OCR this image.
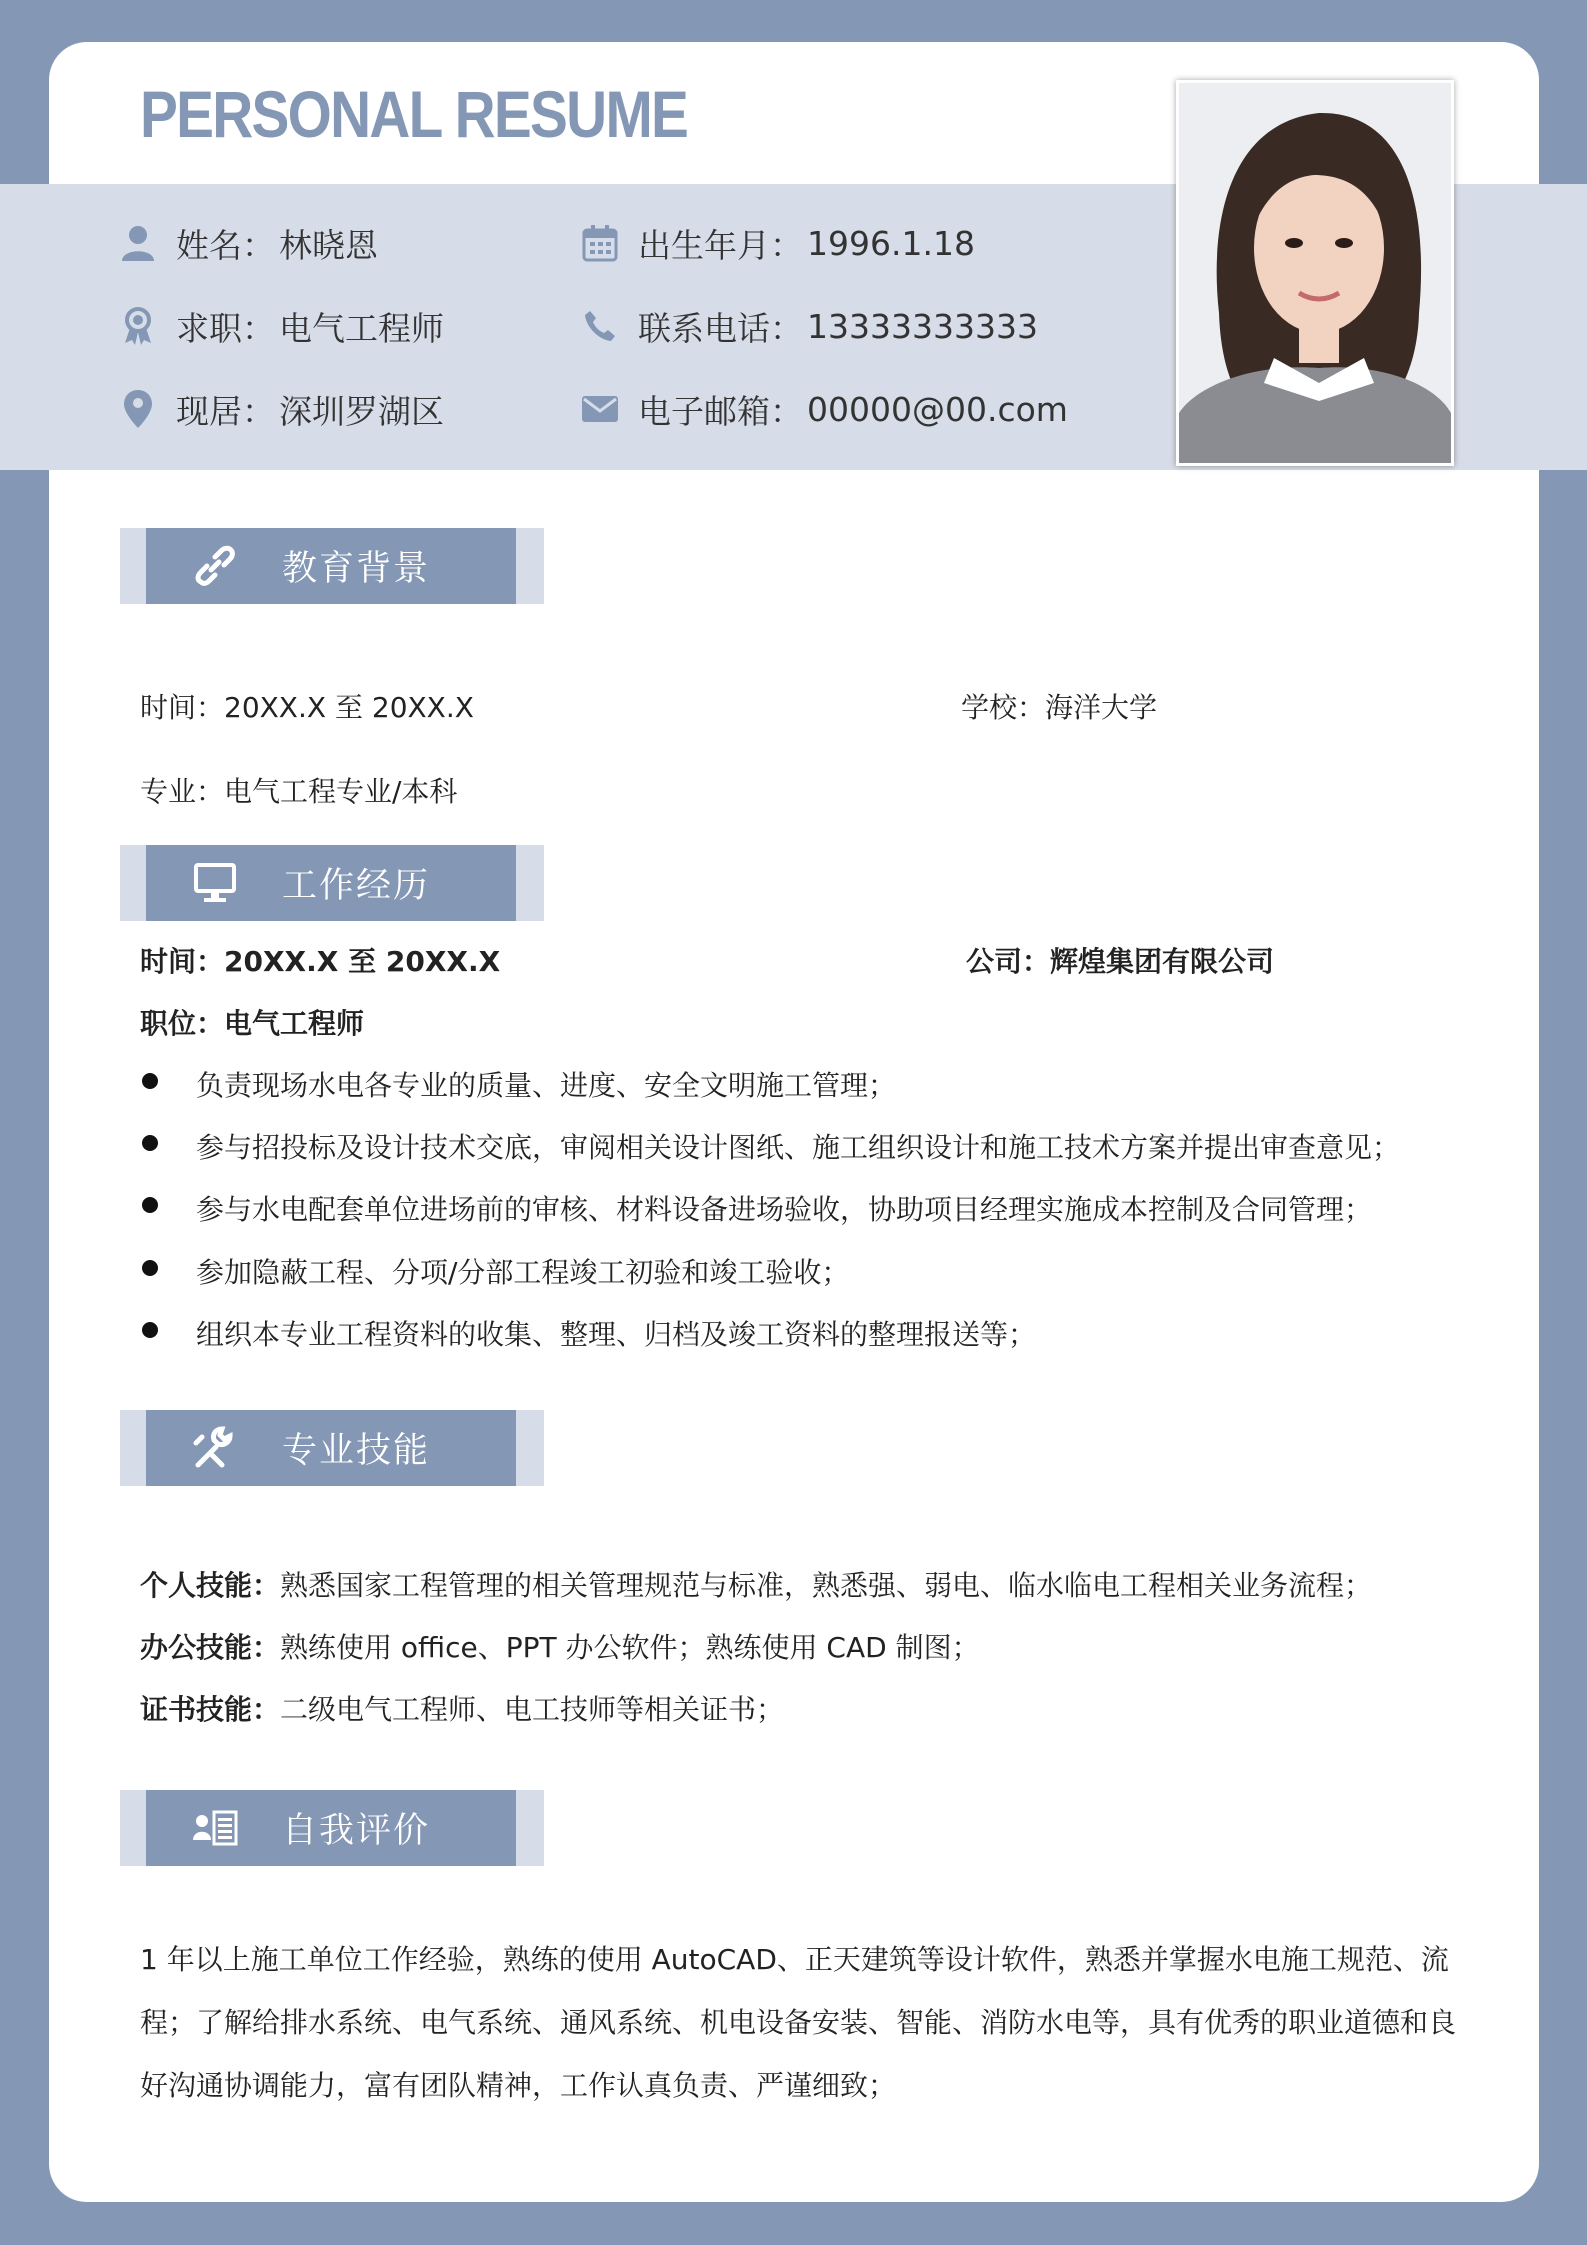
PERSONAL RESUME
姓名： 林晓恩
求职： 电气工程师
现居： 深圳罗湖区
出生年月： 1996.1.18
联系电话： 13333333333
电子邮箱： 00000@00.com
教育背景
时间：20XX.X 至 20XX.X	学校：海洋大学
专业：电气工程专业/本科
工作经历
时间：20XX.X 至 20XX.X	公司：辉煌集团有限公司
职位：电气工程师
负责现场水电各专业的质量、进度、安全文明施工管理；
参与招投标及设计技术交底，审阅相关设计图纸、施工组织设计和施工技术方案并提出审查意见；
参与水电配套单位进场前的审核、材料设备进场验收，协助项目经理实施成本控制及合同管理；
参加隐蔽工程、分项/分部工程竣工初验和竣工验收；
组织本专业工程资料的收集、整理、归档及竣工资料的整理报送等；
专业技能
个人技能：熟悉国家工程管理的相关管理规范与标准，熟悉强、弱电、临水临电工程相关业务流程；
办公技能：熟练使用 office、PPT 办公软件；熟练使用 CAD 制图；
证书技能：二级电气工程师、电工技师等相关证书；
自我评价
1 年以上施工单位工作经验，熟练的使用 AutoCAD、正天建筑等设计软件，熟悉并掌握水电施工规范、流程；了解给排水系统、电气系统、通风系统、机电设备安装、智能、消防水电等，具有优秀的职业道德和良好沟通协调能力，富有团队精神，工作认真负责、严谨细致；
